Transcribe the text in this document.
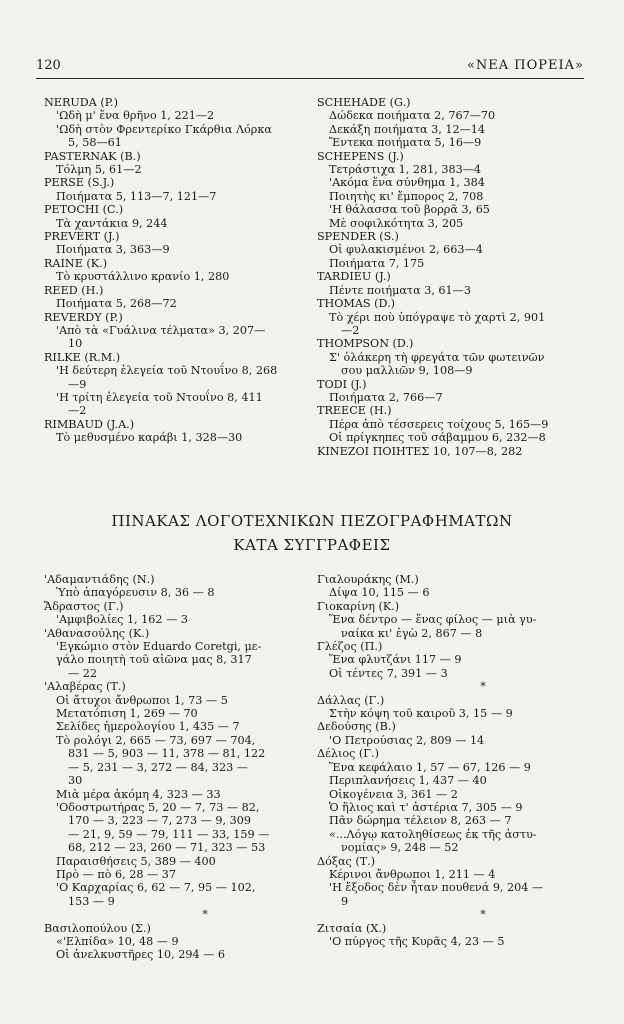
120	«ΝΕΑ ΠΟΡΕΙΑ»
NERUDA (P.)
'Ωδὴ μ' ἕνα θρῆνο 1, 221—2
'Ωδὴ στὸν Φρεντερίκο Γκάρθια Λόρκα
5, 58—61
PASTERNAK (B.)
Τόλμη 5, 61—2
PERSE (S.J.)
Ποιήματα 5, 113—7, 121—7
PETOCHI (C.)
Τὰ χαντάκια 9, 244
PREVERT (J.)
Ποιήματα 3, 363—9
RAINE (K.)
Τὸ κρυστάλλινο κρανίο 1, 280
REED (H.)
Ποιήματα 5, 268—72
REVERDY (P.)
'Απὸ τὰ «Γυάλινα τέλματα» 3, 207—
10
RILKE (R.M.)
'Η δεύτερη ἐλεγεία τοῦ Ντουΐνο 8, 268
—9
'Η τρίτη ἐλεγεία τοῦ Ντουΐνο 8, 411
—2
RIMBAUD (J.A.)
Τὸ μεθυσμένο καράβι 1, 328—30
SCHEHADE (G.)
Δώδεκα ποιήματα 2, 767—70
Δεκάξη ποιήματα 3, 12—14
Ἔντεκα ποιήματα 5, 16—9
SCHEPENS (J.)
Τετράστιχα 1, 281, 383—4
'Ακόμα ἕνα σύνθημα 1, 384
Ποιητὴς κι' ἔμπορος 2, 708
'Η θάλασσα τοῦ βορρᾶ 3, 65
Μὲ σοφιλκότητα 3, 205
SPENDER (S.)
Οἱ φυλακισμένοι 2, 663—4
Ποιήματα 7, 175
TARDIEU (J.)
Πέντε ποιήματα 3, 61—3
THOMAS (D.)
Τὸ χέρι ποὺ ὑπόγραψε τὸ χαρτὶ 2, 901
—2
THOMPSON (D.)
Σ' ὁλάκερη τὴ φρεγάτα τῶν φωτεινῶν
σου μαλλιῶν 9, 108—9
TODI (J.)
Ποιήματα 2, 766—7
TREECE (H.)
Πέρα ἀπὸ τέσσερεις τοίχους 5, 165—9
Οἱ πρίγκηπες τοῦ σάβαμμου 6, 232—8
ΚΙΝΕΖΟΙ ΠΟΙΗΤΕΣ 10, 107—8, 282
ΠΙΝΑΚΑΣ ΛΟΓΟΤΕΧΝΙΚΩΝ ΠΕΖΟΓΡΑΦΗΜΑΤΩΝ
ΚΑΤΑ ΣΥΓΓΡΑΦΕΙΣ
'Αδαμαντιάδης (Ν.)
Ὑπὸ ἀπαγόρευσιν 8, 36 — 8
Ἄδραστος (Γ.)
'Αμφιβολίες 1, 162 — 3
'Αθανασούλης (Κ.)
'Εγκώμιο στὸν Eduardo Coretgi, με-
γάλο ποιητὴ τοῦ αἰῶνα μας 8, 317
— 22
'Αλαβέρας (Τ.)
Οἱ ἄτυχοι ἄνθρωποι 1, 73 — 5
Μετατόπιση 1, 269 — 70
Σελίδες ἡμερολογίου 1, 435 — 7
Τὸ ρολόγι 2, 665 — 73, 697 — 704,
831 — 5, 903 — 11, 378 — 81, 122
— 5, 231 — 3, 272 — 84, 323 —
30
Μιὰ μέρα ἀκόμη 4, 323 — 33
'Οδοστρωτήρας 5, 20 — 7, 73 — 82,
170 — 3, 223 — 7, 273 — 9, 309
— 21, 9, 59 — 79, 111 — 33, 159 —
68, 212 — 23, 260 — 71, 323 — 53
Παραισθήσεις 5, 389 — 400
Πρὸ — πὸ 6, 28 — 37
'Ο Καρχαρίας 6, 62 — 7, 95 — 102,
153 — 9
*
Βασιλοπούλου (Σ.)
«'Ελπίδα» 10, 48 — 9
Οἱ ἀνελκυστῆρες 10, 294 — 6
Γιαλουράκης (Μ.)
Δίψα 10, 115 — 6
Γιοκαρίνη (Κ.)
Ἕνα δέντρο — ἕνας φίλος — μιὰ γυ-
ναίκα κι' ἐγὼ 2, 867 — 8
Γλέζος (Π.)
Ἕνα φλυτζάνι 117 — 9
Οἱ τέντες 7, 391 — 3
*
Δάλλας (Γ.)
Στὴν κόψη τοῦ καιροῦ 3, 15 — 9
Δεδούσης (Β.)
'Ο Πετρούσιας 2, 809 — 14
Δέλιος (Γ.)
Ἕνα κεφάλαιο 1, 57 — 67, 126 — 9
Περιπλανήσεις 1, 437 — 40
Οἰκογένεια 3, 361 — 2
Ὁ ἥλιος καὶ τ' ἀστέρια 7, 305 — 9
Πᾶν δώρημα τέλειον 8, 263 — 7
«...Λόγῳ κατοληθίσεως ἐκ τῆς ἀστυ-
νομίας» 9, 248 — 52
Δόξας (Τ.)
Κέρινοι ἄνθρωποι 1, 211 — 4
'Η ἔξοδος δὲν ἦταν πουθενά 9, 204 —
9
*
Ζιτσαία (Χ.)
'Ο πύργος τῆς Κυρᾶς 4, 23 — 5
